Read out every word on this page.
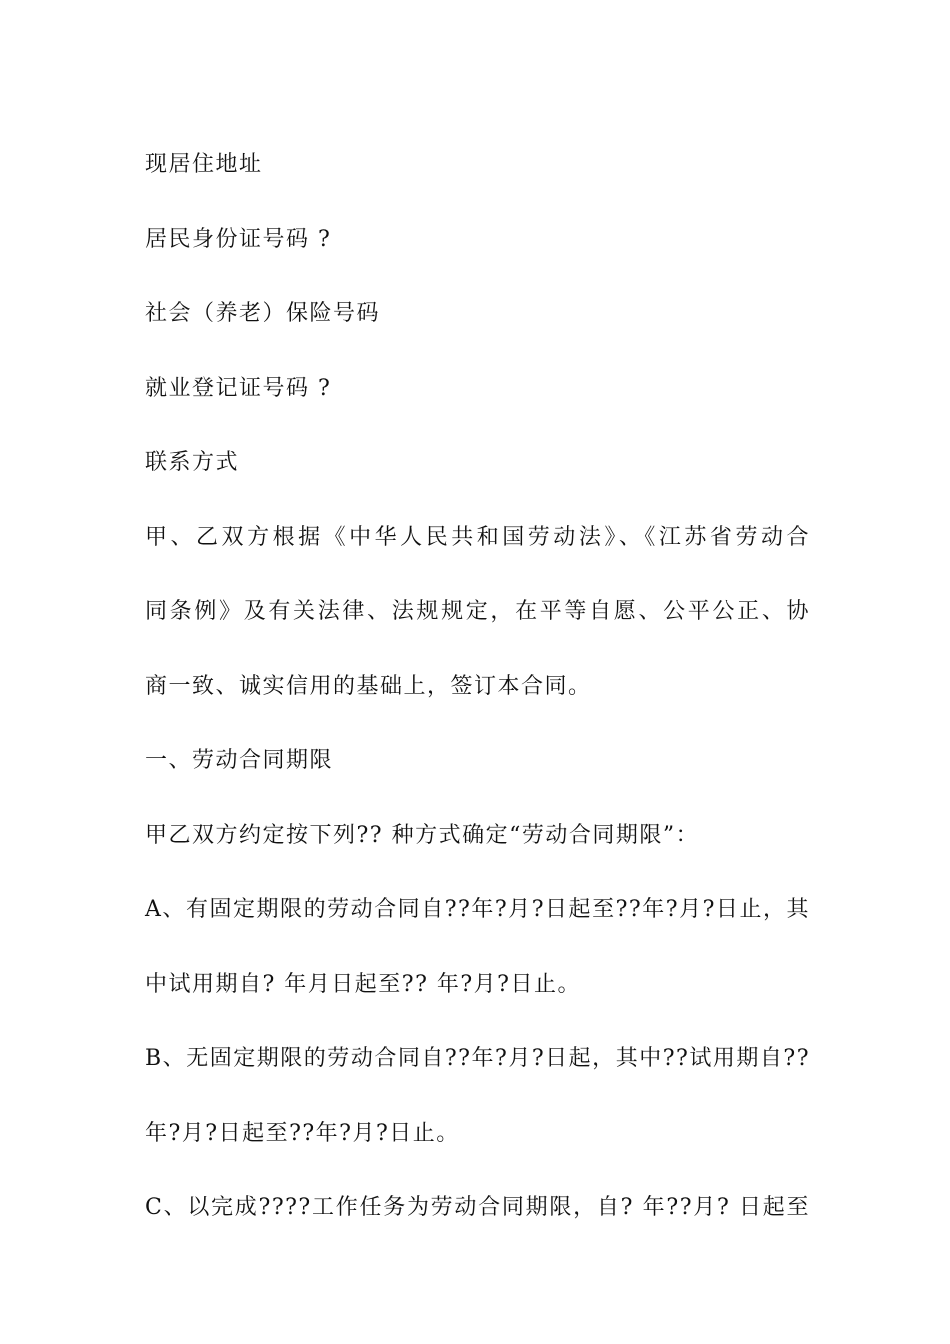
现居住地址
居民身份证号码 ?
社会（养老）保险号码
就业登记证号码 ?
联系方式
甲、乙双方根据《中华人民共和国劳动法》、《江苏省劳动合
同条例》及有关法律、法规规定，在平等自愿、公平公正、协
商一致、诚实信用的基础上，签订本合同。
一、劳动合同期限
甲乙双方约定按下列?? 种方式确定“劳动合同期限”：
A、有固定期限的劳动合同自??年?月?日起至??年?月?日止，其
中试用期自? 年月日起至?? 年?月?日止。
B、无固定期限的劳动合同自??年?月?日起，其中??试用期自??
年?月?日起至??年?月?日止。
C、以完成????工作任务为劳动合同期限，自? 年??月? 日起至
